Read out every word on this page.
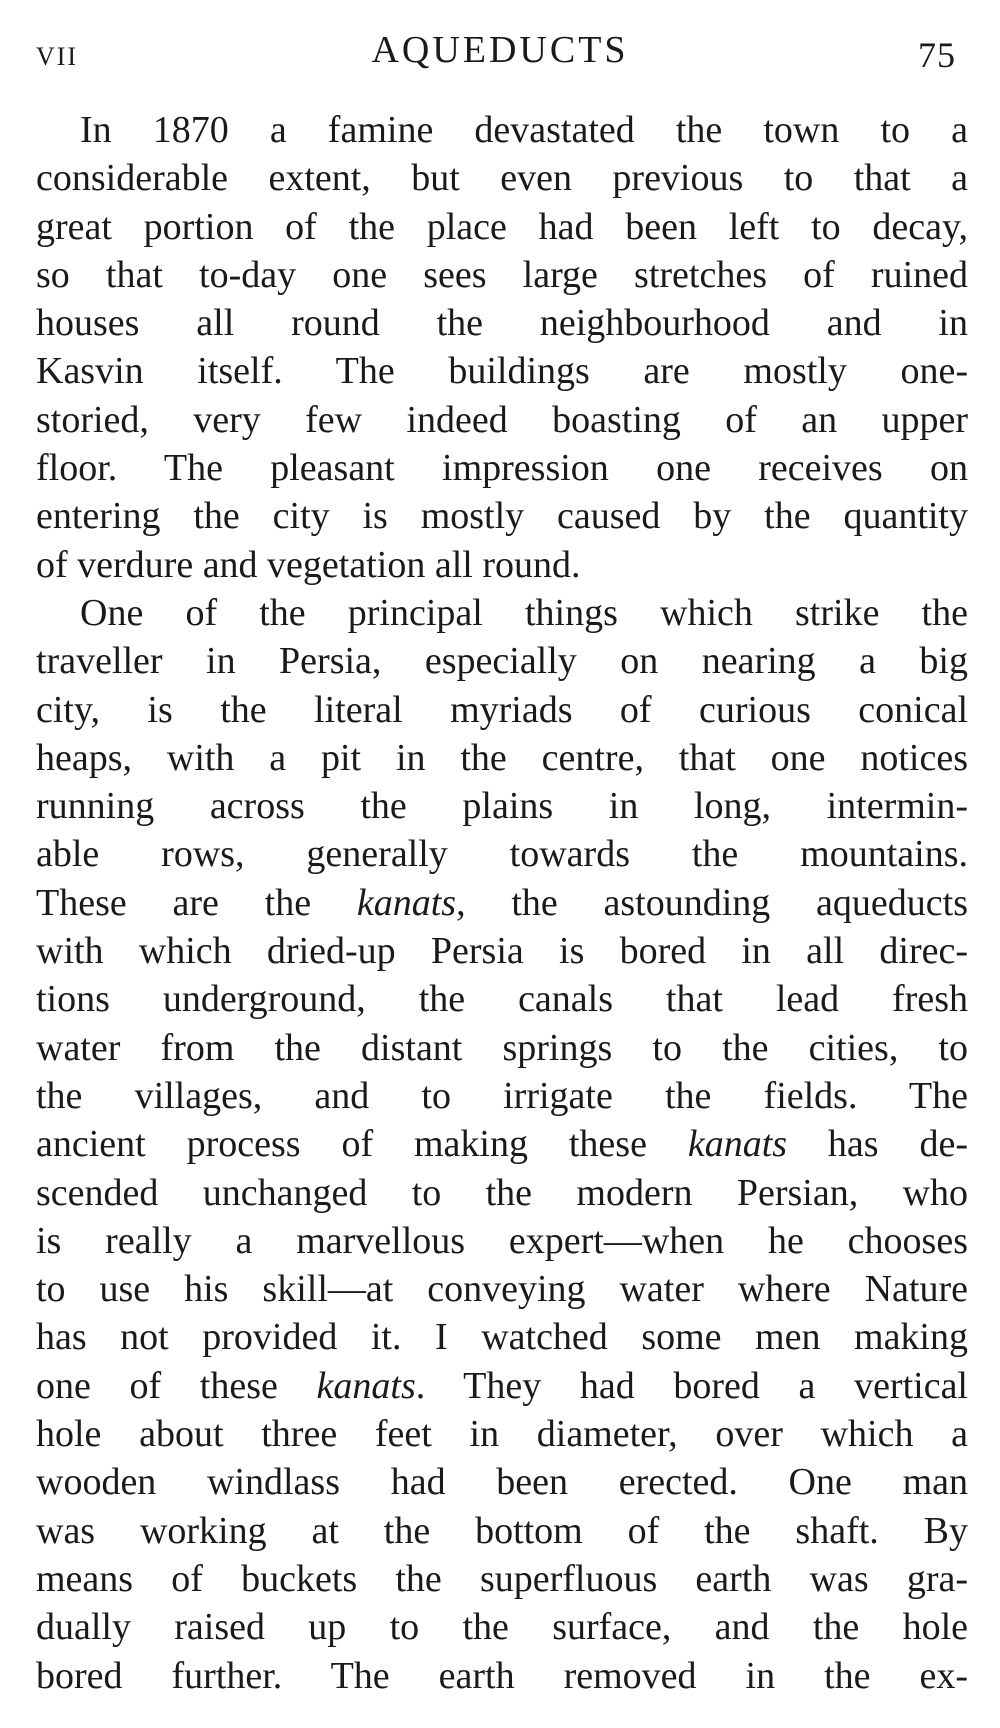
VII	AQUEDUCTS	75
In 1870 a famine devastated the town to a
considerable extent, but even previous to that a
great portion of the place had been left to decay,
so that to-day one sees large stretches of ruined
houses all round the neighbourhood and in
Kasvin itself. The buildings are mostly one-
storied, very few indeed boasting of an upper
floor. The pleasant impression one receives on
entering the city is mostly caused by the quantity
of verdure and vegetation all round.
One of the principal things which strike the
traveller in Persia, especially on nearing a big
city, is the literal myriads of curious conical
heaps, with a pit in the centre, that one notices
running across the plains in long, intermin-
able rows, generally towards the mountains.
These are the kanats, the astounding aqueducts
with which dried-up Persia is bored in all direc-
tions underground, the canals that lead fresh
water from the distant springs to the cities, to
the villages, and to irrigate the fields. The
ancient process of making these kanats has de-
scended unchanged to the modern Persian, who
is really a marvellous expert—when he chooses
to use his skill—at conveying water where Nature
has not provided it. I watched some men making
one of these kanats. They had bored a vertical
hole about three feet in diameter, over which a
wooden windlass had been erected. One man
was working at the bottom of the shaft. By
means of buckets the superfluous earth was gra-
dually raised up to the surface, and the hole
bored further. The earth removed in the ex-
